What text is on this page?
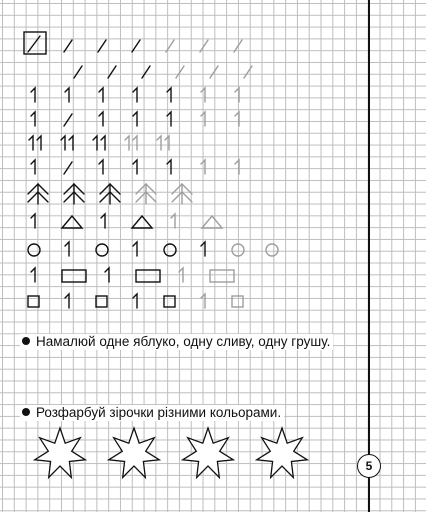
Намалюй одне яблуко, одну сливу, одну грушу.
Розфарбуй зірочки різними кольорами.
5
